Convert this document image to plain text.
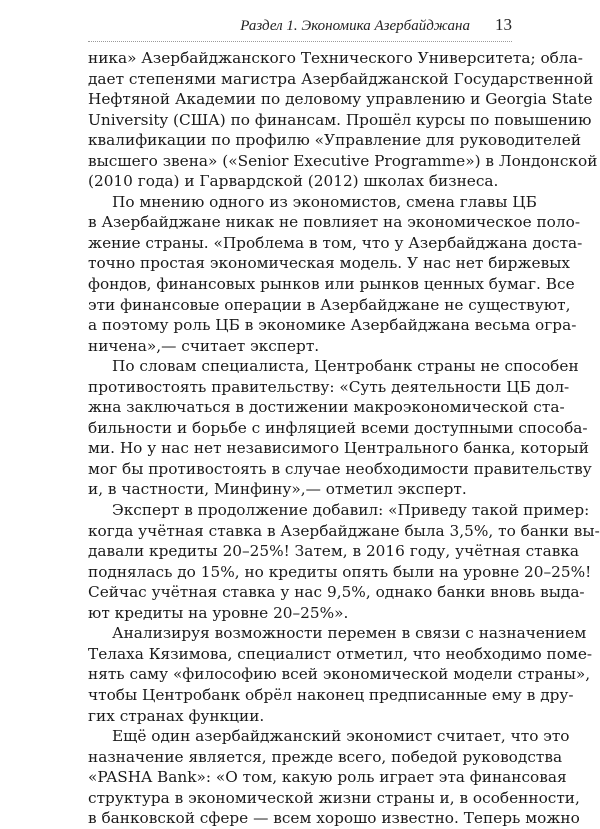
Раздел 1. Экономика Азербайджана 13
ника» Азербайджанского Технического Университета; обла-
дает степенями магистра Азербайджанской Государственной
Нефтяной Академии по деловому управлению и Georgia State
University (США) по финансам. Прошёл курсы по повышению
квалификации по профилю «Управление для руководителей
высшего звена» («Senior Executive Programme») в Лондонской
(2010 года) и Гарвардской (2012) школах бизнеса.
По мнению одного из экономистов, смена главы ЦБ
в Азербайджане никак не повлияет на экономическое поло-
жение страны. «Проблема в том, что у Азербайджана доста-
точно простая экономическая модель. У нас нет биржевых
фондов, финансовых рынков или рынков ценных бумаг. Все
эти финансовые операции в Азербайджане не существуют,
а поэтому роль ЦБ в экономике Азербайджана весьма огра-
ничена»,— считает эксперт.
По словам специалиста, Центробанк страны не способен
противостоять правительству: «Суть деятельности ЦБ дол-
жна заключаться в достижении макроэкономической ста-
бильности и борьбе с инфляцией всеми доступными способа-
ми. Но у нас нет независимого Центрального банка, который
мог бы противостоять в случае необходимости правительству
и, в частности, Минфину»,— отметил эксперт.
Эксперт в продолжение добавил: «Приведу такой пример:
когда учётная ставка в Азербайджане была 3,5%, то банки вы-
давали кредиты 20–25%! Затем, в 2016 году, учётная ставка
поднялась до 15%, но кредиты опять были на уровне 20–25%!
Сейчас учётная ставка у нас 9,5%, однако банки вновь выда-
ют кредиты на уровне 20–25%».
Анализируя возможности перемен в связи с назначением
Телаха Кязимова, специалист отметил, что необходимо поме-
нять саму «философию всей экономической модели страны»,
чтобы Центробанк обрёл наконец предписанные ему в дру-
гих странах функции.
Ещё один азербайджанский экономист считает, что это
назначение является, прежде всего, победой руководства
«PASHA Bank»: «О том, какую роль играет эта финансовая
структура в экономической жизни страны и, в особенности,
в банковской сфере — всем хорошо известно. Теперь можно
